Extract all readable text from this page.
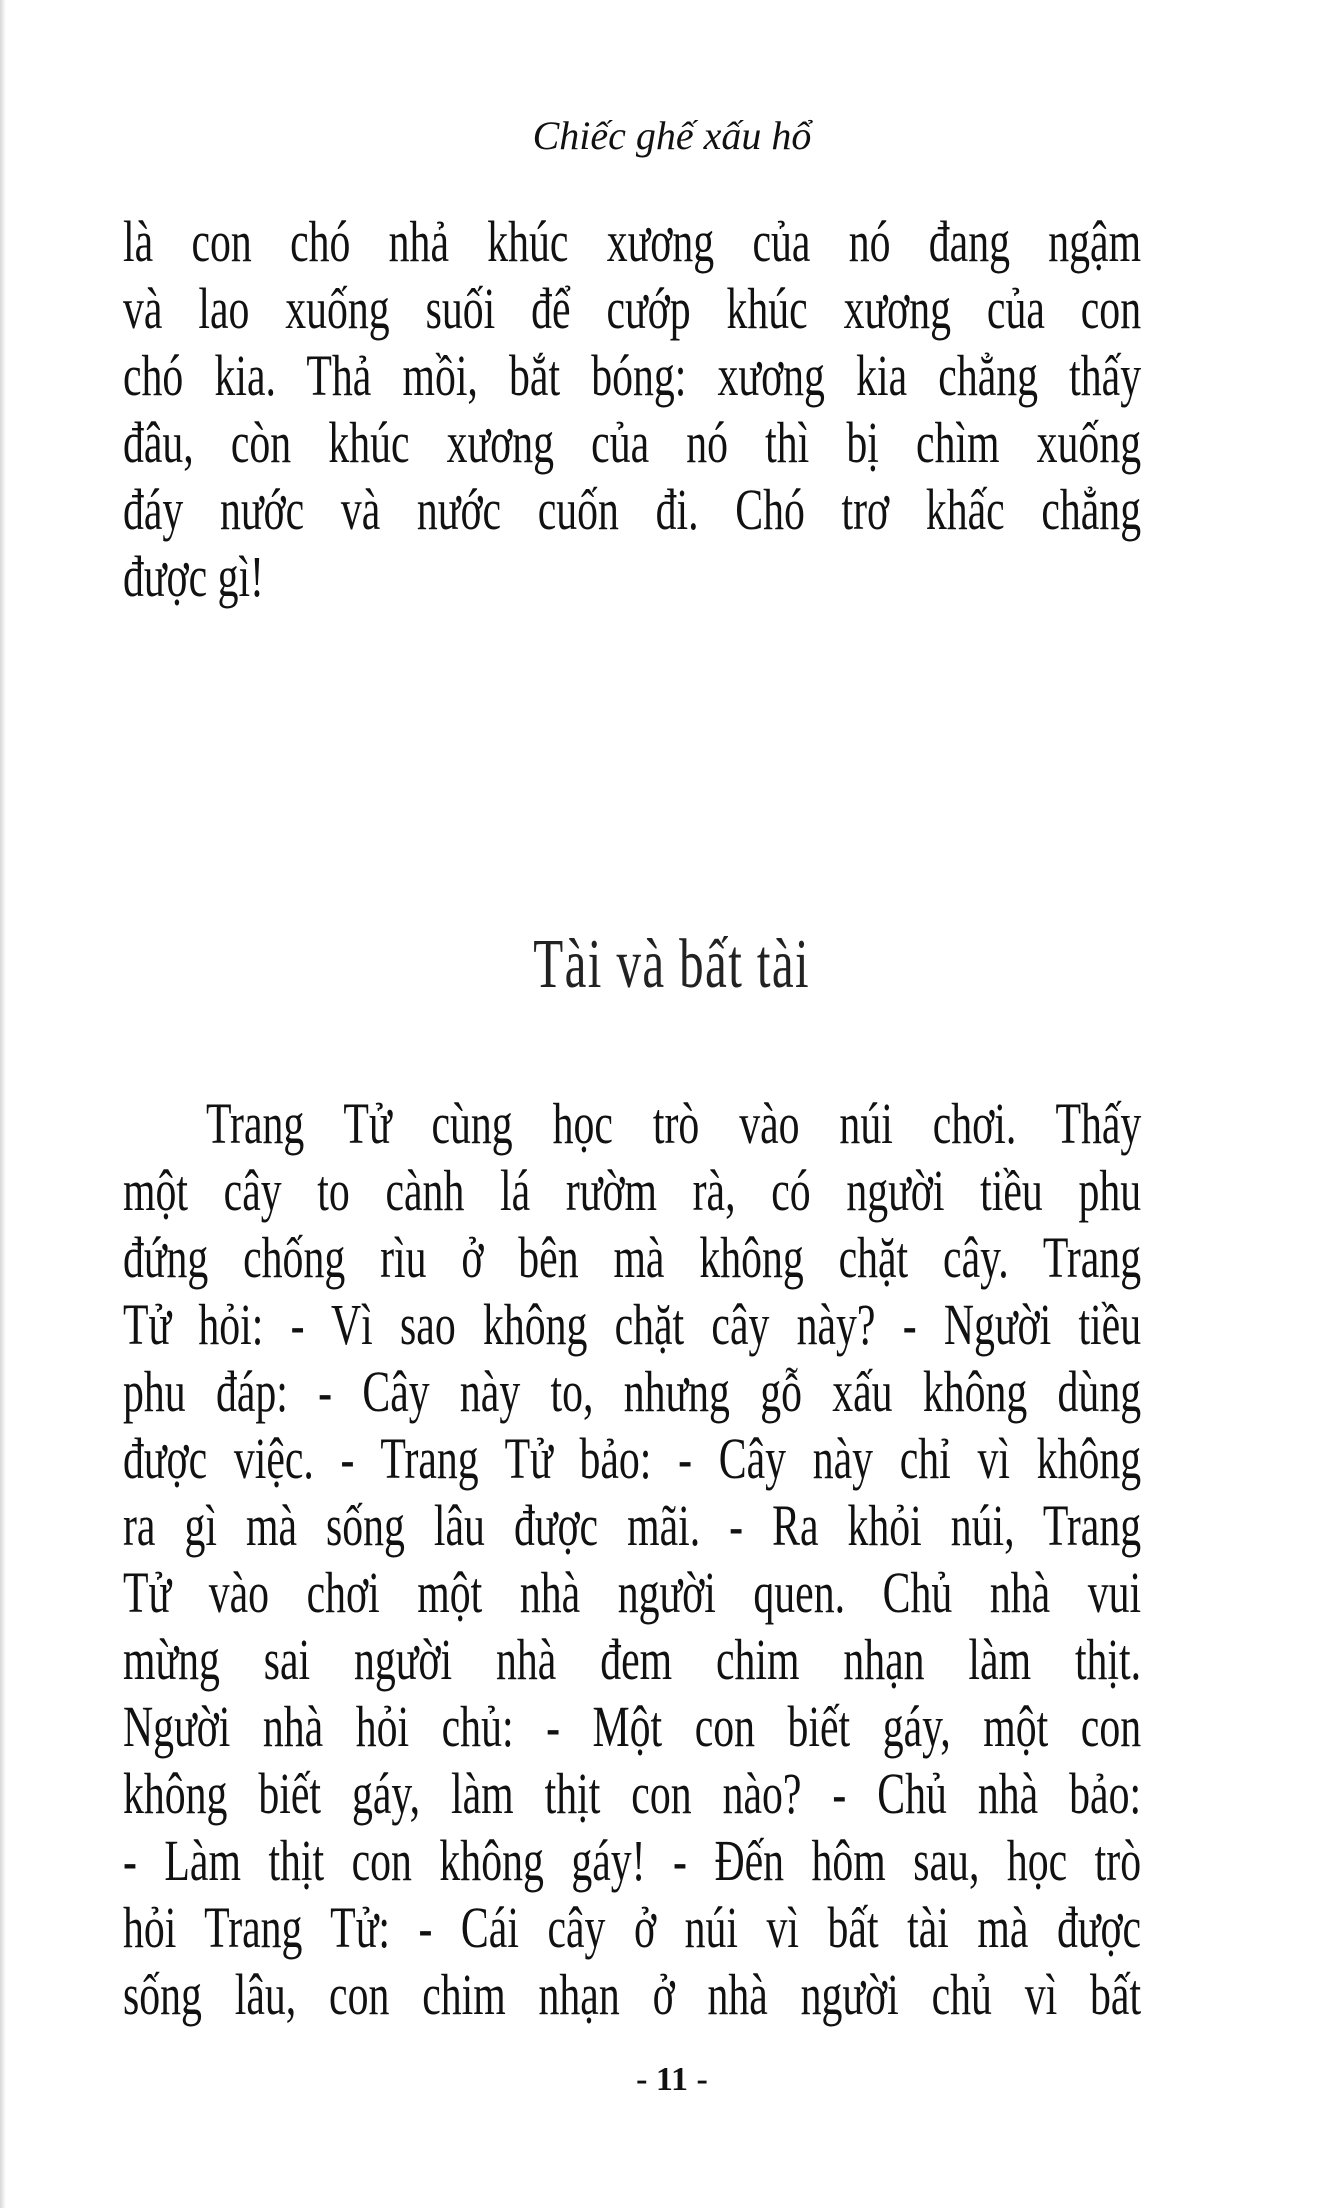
Chiếc ghế xấu hổ
là con chó nhả khúc xương của nó đang ngậm
và lao xuống suối để cướp khúc xương của con
chó kia. Thả mồi, bắt bóng: xương kia chẳng thấy
đâu, còn khúc xương của nó thì bị chìm xuống
đáy nước và nước cuốn đi. Chó trơ khấc chẳng
được gì!
Tài và bất tài
Trang Tử cùng học trò vào núi chơi. Thấy
một cây to cành lá rườm rà, có người tiều phu
đứng chống rìu ở bên mà không chặt cây. Trang
Tử hỏi: - Vì sao không chặt cây này? - Người tiều
phu đáp: - Cây này to, nhưng gỗ xấu không dùng
được việc. - Trang Tử bảo: - Cây này chỉ vì không
ra gì mà sống lâu được mãi. - Ra khỏi núi, Trang
Tử vào chơi một nhà người quen. Chủ nhà vui
mừng sai người nhà đem chim nhạn làm thịt.
Người nhà hỏi chủ: - Một con biết gáy, một con
không biết gáy, làm thịt con nào? - Chủ nhà bảo:
- Làm thịt con không gáy! - Đến hôm sau, học trò
hỏi Trang Tử: - Cái cây ở núi vì bất tài mà được
sống lâu, con chim nhạn ở nhà người chủ vì bất
- 11 -
